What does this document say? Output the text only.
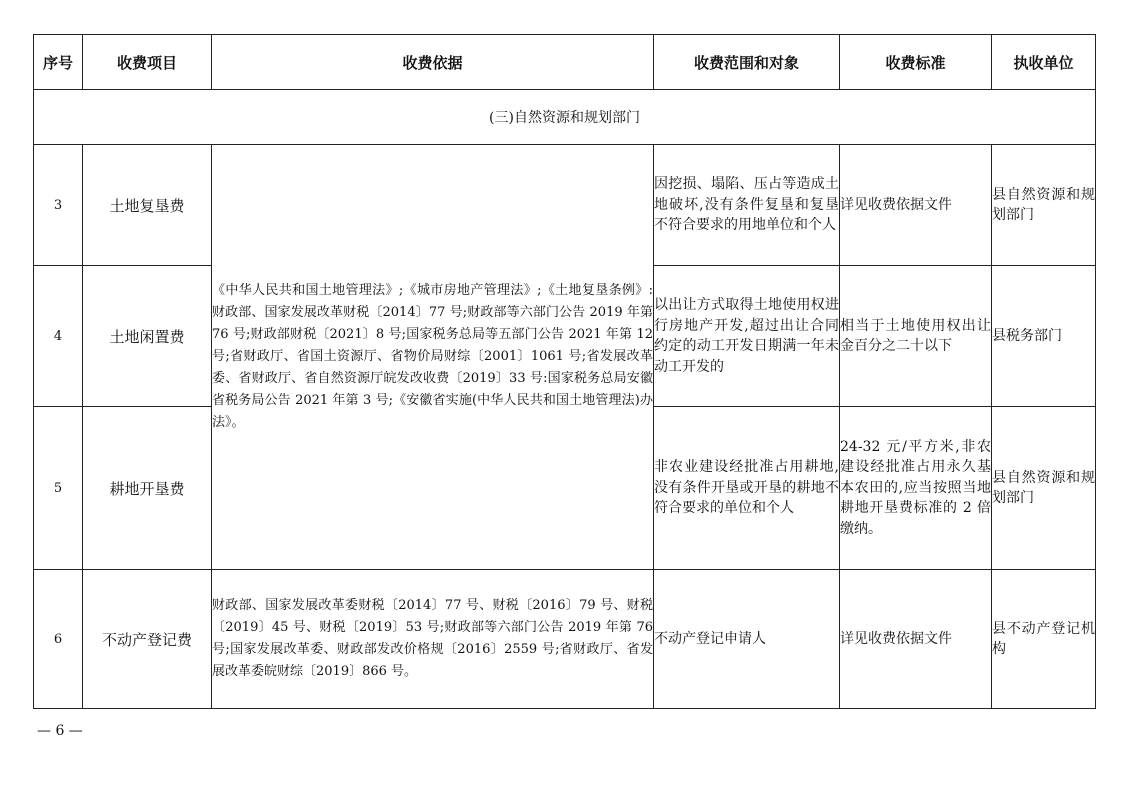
序号	收费项目	收费依据	收费范围和对象	收费标准	执收单位
(三)自然资源和规划部门					
3	土地复垦费	《中华人民共和国土地管理法》;《城市房地产管理法》;《土地复垦条例》:财政部、国家发展改革财税〔2014〕77 号;财政部等六部门公告 2019 年第 76 号;财政部财税〔2021〕8 号;国家税务总局等五部门公告 2021 年第 12 号;省财政厅、省国土资源厅、省物价局财综〔2001〕1061 号;省发展改革委、省财政厅、省自然资源厅皖发改收费〔2019〕33 号:国家税务总局安徽省税务局公告 2021 年第 3 号;《安徽省实施(中华人民共和国土地管理法)办法》。	因挖损、塌陷、压占等造成土地破坏,没有条件复垦和复垦不符合要求的用地单位和个人	详见收费依据文件	县自然资源和规划部门
4	土地闲置费		以出让方式取得土地使用权进行房地产开发,超过出让合同约定的动工开发日期满一年未动工开发的	相当于土地使用权出让金百分之二十以下	县税务部门
5	耕地开垦费		非农业建设经批准占用耕地,没有条件开垦或开垦的耕地不符合要求的单位和个人	24-32 元/平方米,非农建设经批准占用永久基本农田的,应当按照当地耕地开垦费标准的 2 倍缴纳。	县自然资源和规划部门
6	不动产登记费	财政部、国家发展改革委财税〔2014〕77 号、财税〔2016〕79 号、财税〔2019〕45 号、财税〔2019〕53 号;财政部等六部门公告 2019 年第 76 号;国家发展改革委、财政部发改价格规〔2016〕2559 号;省财政厅、省发展改革委皖财综〔2019〕866 号。	不动产登记申请人	详见收费依据文件	县不动产登记机构
— 6 —
